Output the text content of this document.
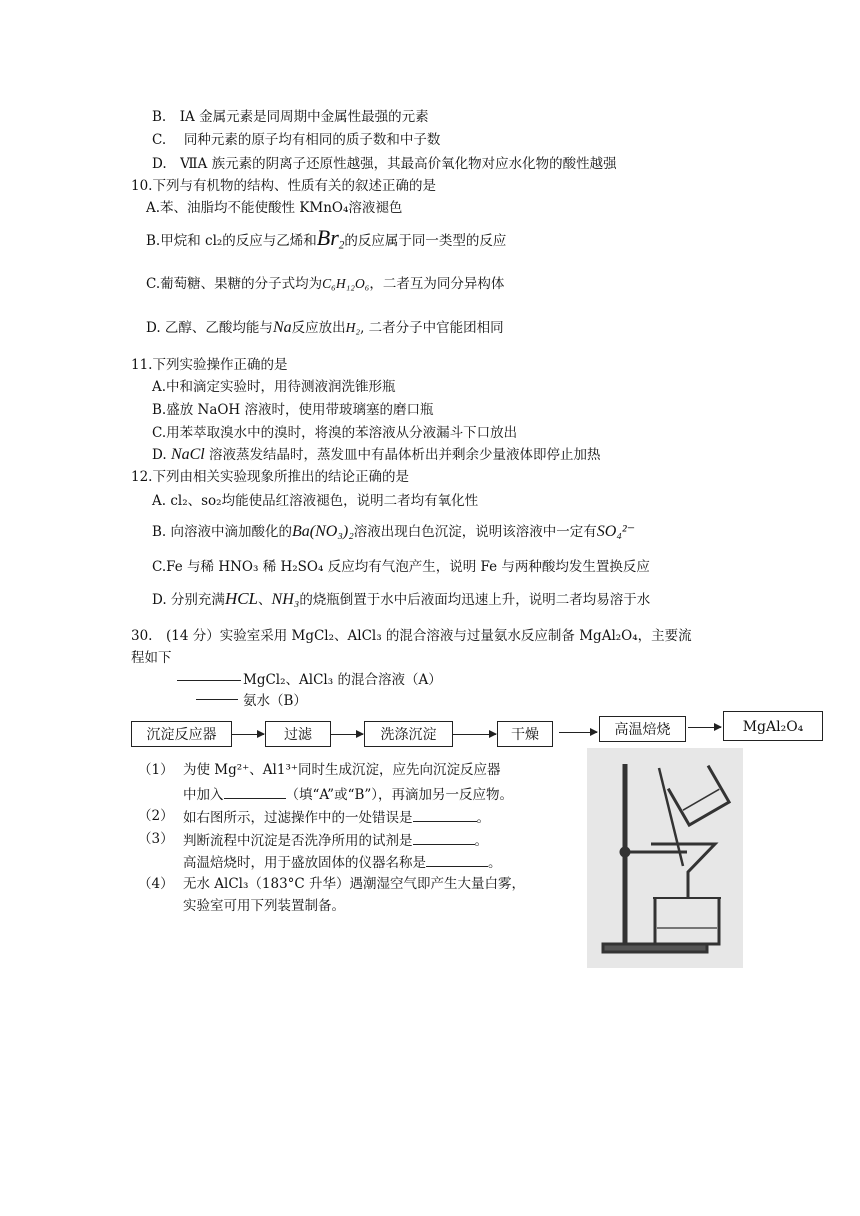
B.　ⅠA 金属元素是同周期中金属性最强的元素
C.　 同种元素的原子均有相同的质子数和中子数
D.　ⅦA 族元素的阴离子还原性越强，其最高价氧化物对应水化物的酸性越强
10.下列与有机物的结构、性质有关的叙述正确的是
A.苯、油脂均不能使酸性 KMnO₄溶液褪色
B.甲烷和 cl₂的反应与乙烯和$Br_2$的反应属于同一类型的反应
C.葡萄糖、果糖的分子式均为C₆H₁₂O₆，二者互为同分异构体
D. 乙醇、乙酸均能与Na反应放出H₂, 二者分子中官能团相同
11.下列实验操作正确的是
A.中和滴定实验时，用待测液润洗锥形瓶
B.盛放 NaOH 溶液时，使用带玻璃塞的磨口瓶
C.用苯萃取溴水中的溴时，将溴的苯溶液从分液漏斗下口放出
D. NaCl 溶液蒸发结晶时，蒸发皿中有晶体析出并剩余少量液体即停止加热
12.下列由相关实验现象所推出的结论正确的是
A. cl₂、so₂均能使品红溶液褪色，说明二者均有氧化性
B. 向溶液中滴加酸化的Ba(NO₃)₂溶液出现白色沉淀，说明该溶液中一定有SO₄²⁻
C.Fe 与稀 HNO₃ 稀 H₂SO₄ 反应均有气泡产生，说明 Fe 与两种酸均发生置换反应
D. 分别充满HCL、NH₃的烧瓶倒置于水中后液面均迅速上升，说明二者均易溶于水
30.　(14 分）实验室采用 MgCl₂、AlCl₃ 的混合溶液与过量氨水反应制备 MgAl₂O₄，主要流
程如下
MgCl₂、AlCl₃ 的混合溶液（A）
氨水（B）
沉淀反应器	过滤	洗涤沉淀	干燥	高温焙烧	MgAl₂O₄
（1） 为使 Mg²⁺、Al1³⁺同时生成沉淀，应先向沉淀反应器
中加入	（填“A”或“B”），再滴加另一反应物。
（2） 如右图所示，过滤操作中的一处错误是	。
（3） 判断流程中沉淀是否洗净所用的试剂是	。
高温焙烧时，用于盛放固体的仪器名称是	。
（4） 无水 AlCl₃（183°C 升华）遇潮湿空气即产生大量白雾，
实验室可用下列装置制备。
